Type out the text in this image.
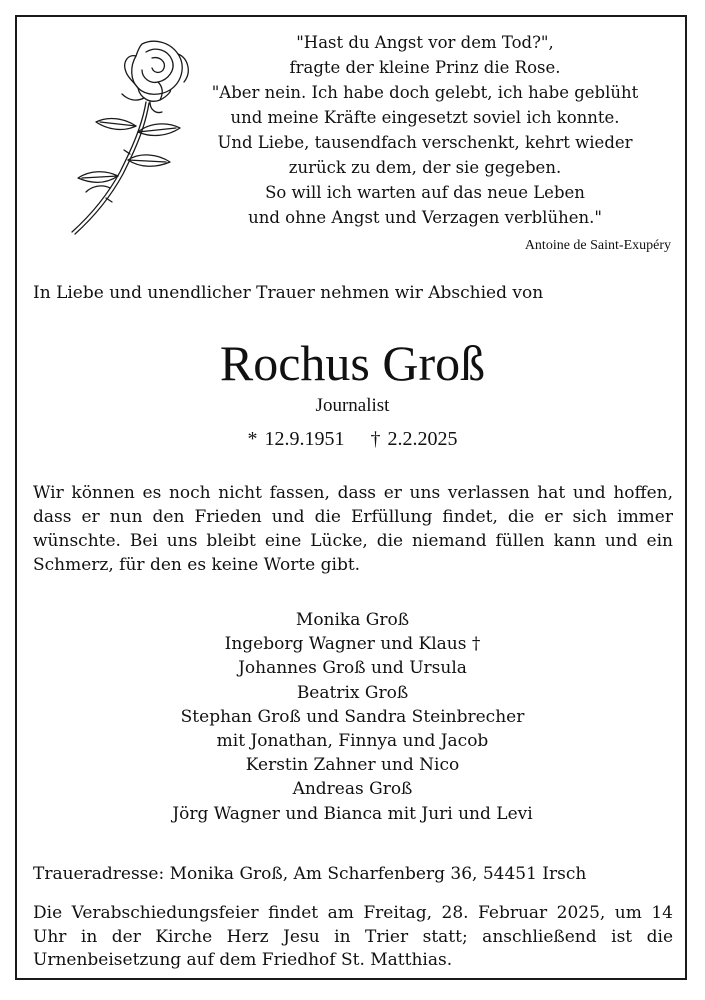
"Hast du Angst vor dem Tod?",
fragte der kleine Prinz die Rose.
"Aber nein. Ich habe doch gelebt, ich habe geblüht
und meine Kräfte eingesetzt soviel ich konnte.
Und Liebe, tausendfach verschenkt, kehrt wieder
zurück zu dem, der sie gegeben.
So will ich warten auf das neue Leben
und ohne Angst und Verzagen verblühen."

Antoine de Saint-Exupéry
In Liebe und unendlicher Trauer nehmen wir Abschied von
Rochus Groß
Journalist
* 12.9.1951 † 2.2.2025

Wir können es noch nicht fassen, dass er uns verlassen hat und hoffen, dass er nun den Frieden und die Erfüllung findet, die er sich immer wünschte. Bei uns bleibt eine Lücke, die niemand füllen kann und ein Schmerz, für den es keine Worte gibt.

Monika Groß
Ingeborg Wagner und Klaus †
Johannes Groß und Ursula
Beatrix Groß
Stephan Groß und Sandra Steinbrecher
mit Jonathan, Finnya und Jacob
Kerstin Zahner und Nico
Andreas Groß
Jörg Wagner und Bianca mit Juri und Levi
Traueradresse: Monika Groß, Am Scharfenberg 36, 54451 Irsch

Die Verabschiedungsfeier findet am Freitag, 28. Februar 2025, um 14 Uhr in der Kirche Herz Jesu in Trier statt; anschließend ist die Urnenbeisetzung auf dem Friedhof St. Matthias.
